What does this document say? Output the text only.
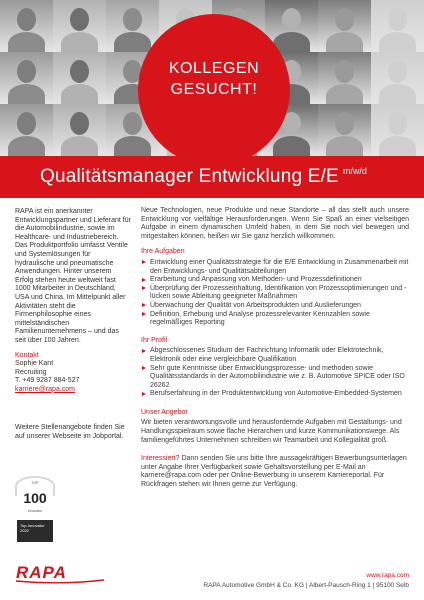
KOLLEGEN
GESUCHT!
Qualitätsmanager Entwicklung E/E m/w/d

RAPA ist ein anerkannter Entwicklungspartner und Lieferant für die Automobilindustrie, sowie im Healthcare- und Industriebereich. Das Produktportfolio umfasst Ventile und Systemlösungen für hydraulische und pneumatische Anwendungen. Hinter unserem Erfolg stehen heute weltweit fast 1000 Mitarbeiter in Deutschland, USA und China. Im Mittelpunkt aller Aktivitäten steht die Firmenphilosophie eines mittelständischen Familienunternehmens – und das seit über 100 Jahren.

Kontakt
Sophie Kant
Recruiting
T. +49 9287 884-527
karriere@rapa.com

Weitere Stellenangebote finden Sie auf unserer Webseite im Jobportal.

TOP
100
Innovator
Top-Innovator
2022
RAPA

Neue Technologien, neue Produkte und neue Standorte – all das stellt auch unsere Entwicklung vor vielfältige Herausforderungen. Wenn Sie Spaß an einer vielseitigen Aufgabe in einem dynamischen Umfeld haben, in dem Sie noch viel bewegen und mitgestalten können, heißen wir Sie ganz herzlich willkommen.

Ihre Aufgaben
Entwicklung einer Qualitätsstrategie für die E/E Entwicklung in Zusammenarbeit mit den Entwicklungs- und Qualitätsabteilungen
Erarbeitung und Anpassung von Methoden- und Prozessdefinitionen
Überprüfung der Prozesseinhaltung, Identifikation von Prozessoptimierungen und -lücken sowie Ableitung geeigneter Maßnahmen
Überwachung der Qualität von Arbeitsprodukten und Auslieferungen
Definition, Erhebung und Analyse prozessrelevanter Kennzahlen sowie regelmäßiges Reporting
Ihr Profil
Abgeschlossenes Studium der Fachrichtung Informatik oder Elektrotechnik, Elektronik oder eine vergleichbare Qualifikation
Sehr gute Kenntnisse über Entwicklungsprozesse- und methoden sowie Qualitätsstandards in der Automobilindustrie wie z. B. Automotive SPICE oder ISO 26262
Berufserfahrung in der Produktentwicklung von Automotive-Embedded-Systemen
Unser Angebot

Wir bieten verantwortungsvolle und herausfordernde Aufgaben mit Gestaltungs- und Handlungsspielraum sowie flache Hierarchien und kurze Kommunikationswege. Als familiengeführtes Unternehmen schreiben wir Teamarbeit und Kollegialität groß.

Interessiert? Dann senden Sie uns bitte Ihre aussagekräftigen Bewerbungsunterlagen unter Angabe Ihrer Verfügbarkeit sowie Gehaltsvorstellung per E-Mail an karriere@rapa.com oder per Online-Bewerbung in unserem Karriereportal. Für Rückfragen stehen wir Ihnen gerne zur Verfügung.

www.rapa.com
RAPA Automotive GmbH & Co. KG | Albert-Pausch-Ring 1 | 95100 Selb
